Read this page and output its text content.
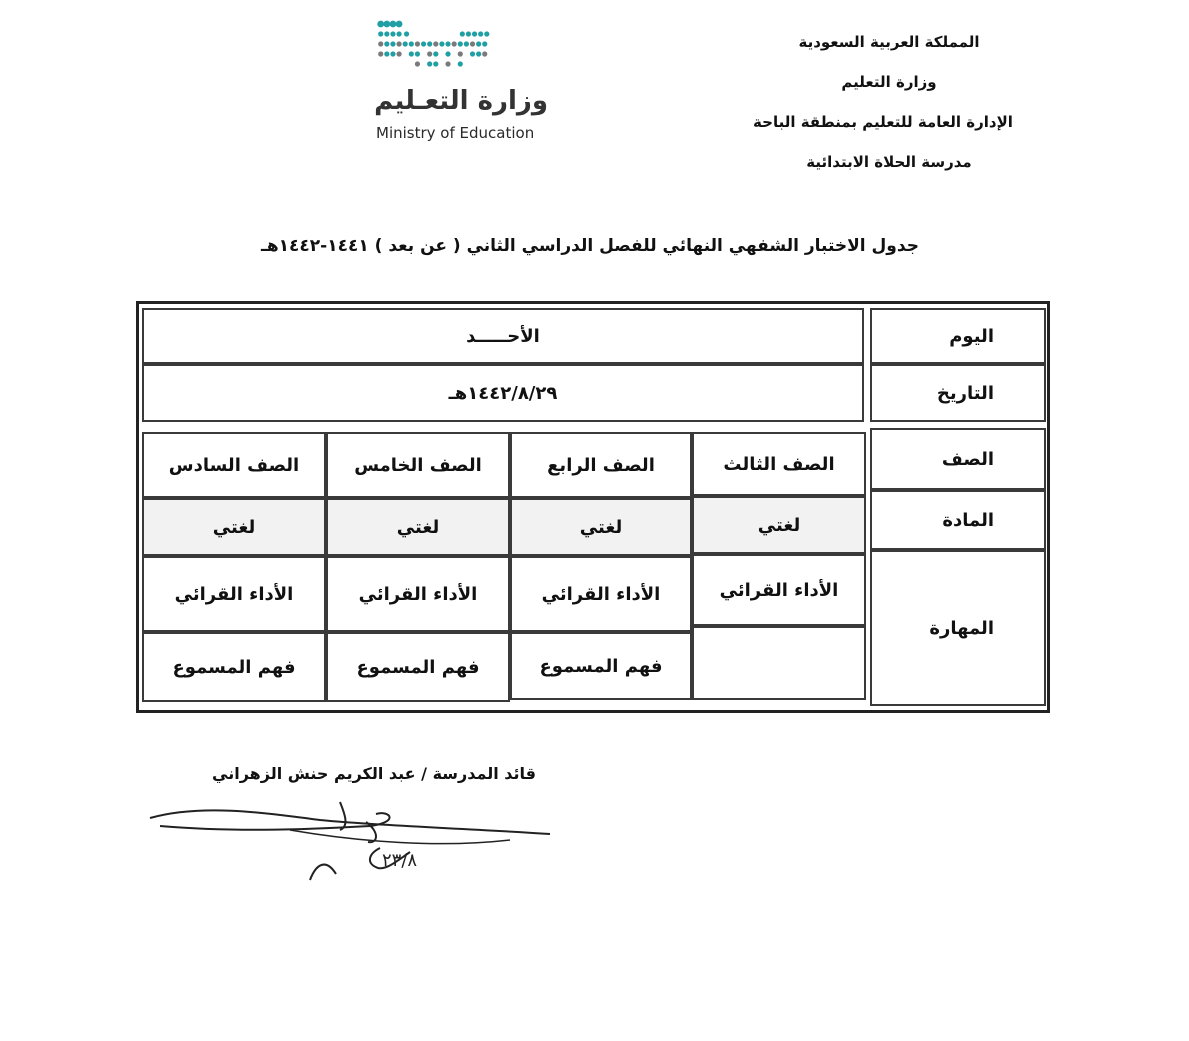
المملكة العربية السعودية
وزارة التعليم
الإدارة العامة للتعليم بمنطقة الباحة
مدرسة الحلاة الابتدائية
وزارة التعـليم
Ministry of Education
جدول الاختبار الشفهي النهائي للفصل الدراسي الثاني ( عن بعد ) ١٤٤١-١٤٤٢هـ
اليوم
الأحـــــد
التاريخ
١٤٤٢/٨/٢٩هـ
الصف
المادة
المهارة
الصف الثالث
الصف الرابع
الصف الخامس
الصف السادس
لغتي
لغتي
لغتي
لغتي
الأداء القرائي
الأداء القرائي
الأداء القرائي
الأداء القرائي
فهم المسموع
فهم المسموع
فهم المسموع
قائد المدرسة / عبد الكريم حنش الزهراني
٢٣/٨
